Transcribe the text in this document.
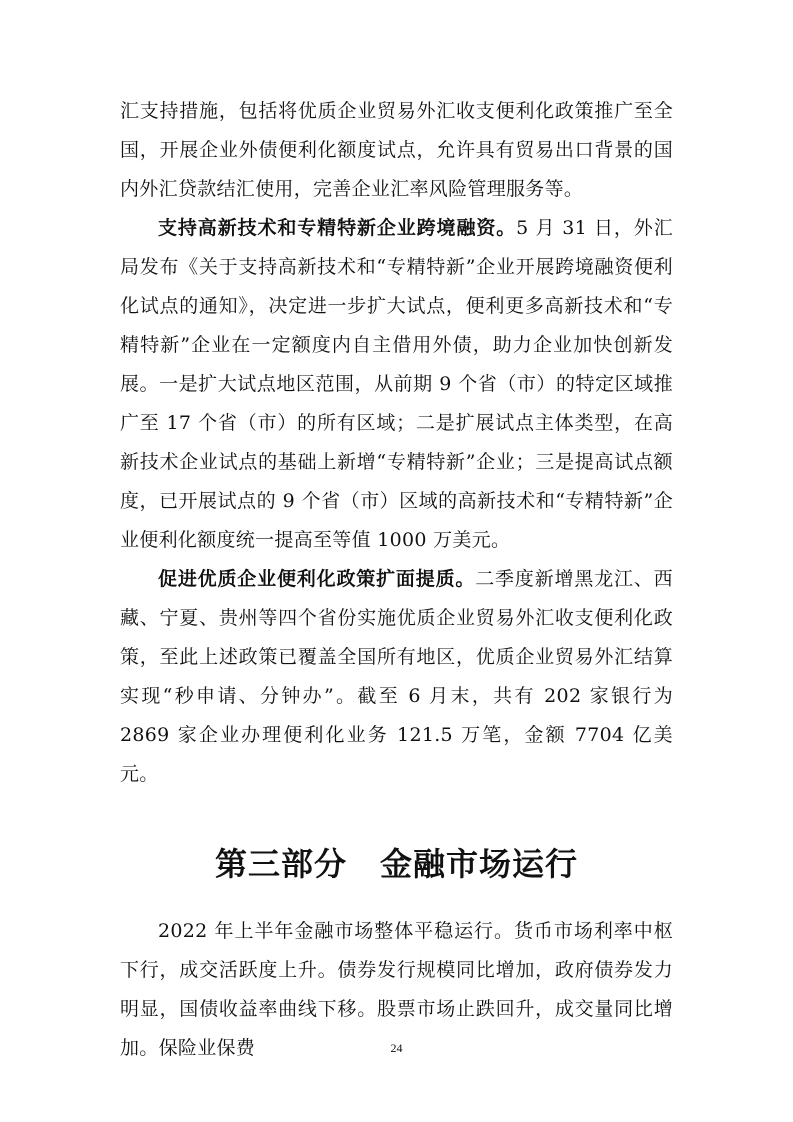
汇支持措施，包括将优质企业贸易外汇收支便利化政策推广至全国，开展企业外债便利化额度试点，允许具有贸易出口背景的国内外汇贷款结汇使用，完善企业汇率风险管理服务等。

支持高新技术和专精特新企业跨境融资。5 月 31 日，外汇局发布《关于支持高新技术和“专精特新”企业开展跨境融资便利化试点的通知》，决定进一步扩大试点，便利更多高新技术和“专精特新”企业在一定额度内自主借用外债，助力企业加快创新发展。一是扩大试点地区范围，从前期 9 个省（市）的特定区域推广至 17 个省（市）的所有区域；二是扩展试点主体类型，在高新技术企业试点的基础上新增“专精特新”企业；三是提高试点额度，已开展试点的 9 个省（市）区域的高新技术和“专精特新”企业便利化额度统一提高至等值 1000 万美元。

促进优质企业便利化政策扩面提质。二季度新增黑龙江、西藏、宁夏、贵州等四个省份实施优质企业贸易外汇收支便利化政策，至此上述政策已覆盖全国所有地区，优质企业贸易外汇结算实现“秒申请、分钟办”。截至 6 月末，共有 202 家银行为 2869 家企业办理便利化业务 121.5 万笔，金额 7704 亿美元。

第三部分　金融市场运行

2022 年上半年金融市场整体平稳运行。货币市场利率中枢下行，成交活跃度上升。债券发行规模同比增加，政府债券发力明显，国债收益率曲线下移。股票市场止跌回升，成交量同比增加。保险业保费	24
